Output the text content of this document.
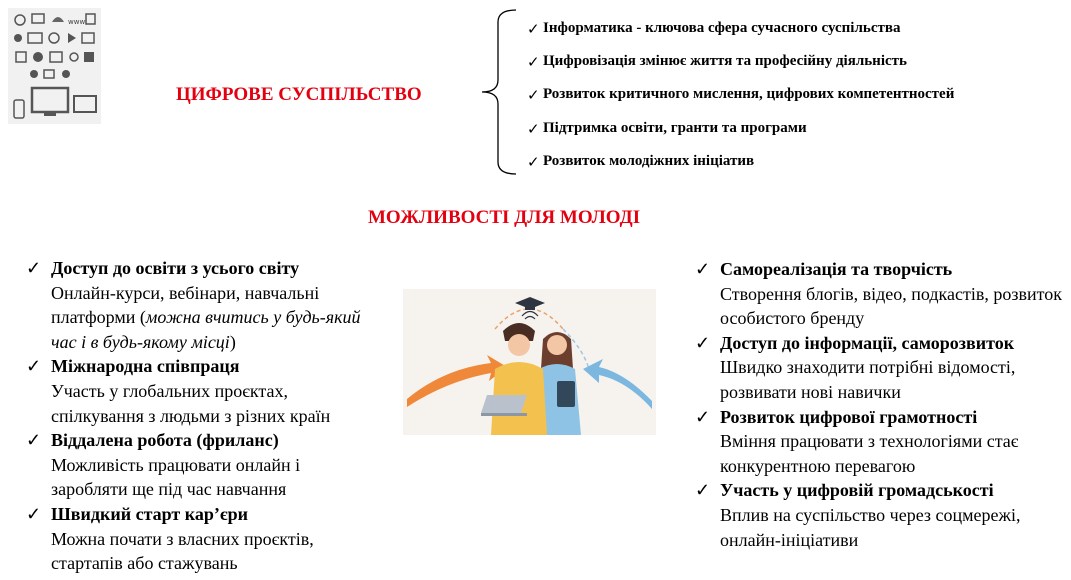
www
ЦИФРОВЕ СУСПІЛЬСТВО
✓ Інформатика - ключова сфера сучасного суспільства
✓ Цифровізація змінює життя та професійну діяльність
✓ Розвиток критичного мислення, цифрових компетентностей
✓ Підтримка освіти, гранти та програми
✓ Розвиток молодіжних ініціатив
МОЖЛИВОСТІ ДЛЯ МОЛОДІ
✓ Доступ до освіти з усього світу
Онлайн-курси, вебінари, навчальні платформи (можна вчитись у будь-який час і в будь-якому місці)
✓ Міжнародна співпраця
Участь у глобальних проєктах, спілкування з людьми з різних країн
✓ Віддалена робота (фриланс)
Можливість працювати онлайн і заробляти ще під час навчання
✓ Швидкий старт кар’єри
Можна почати з власних проєктів, стартапів або стажувань
✓ Самореалізація та творчість
Створення блогів, відео, подкастів, розвиток особистого бренду
✓ Доступ до інформації, саморозвиток
Швидко знаходити потрібні відомості, розвивати нові навички
✓ Розвиток цифрової грамотності
Вміння працювати з технологіями стає конкурентною перевагою
✓ Участь у цифровій громадськості
Вплив на суспільство через соцмережі, онлайн-ініціативи
